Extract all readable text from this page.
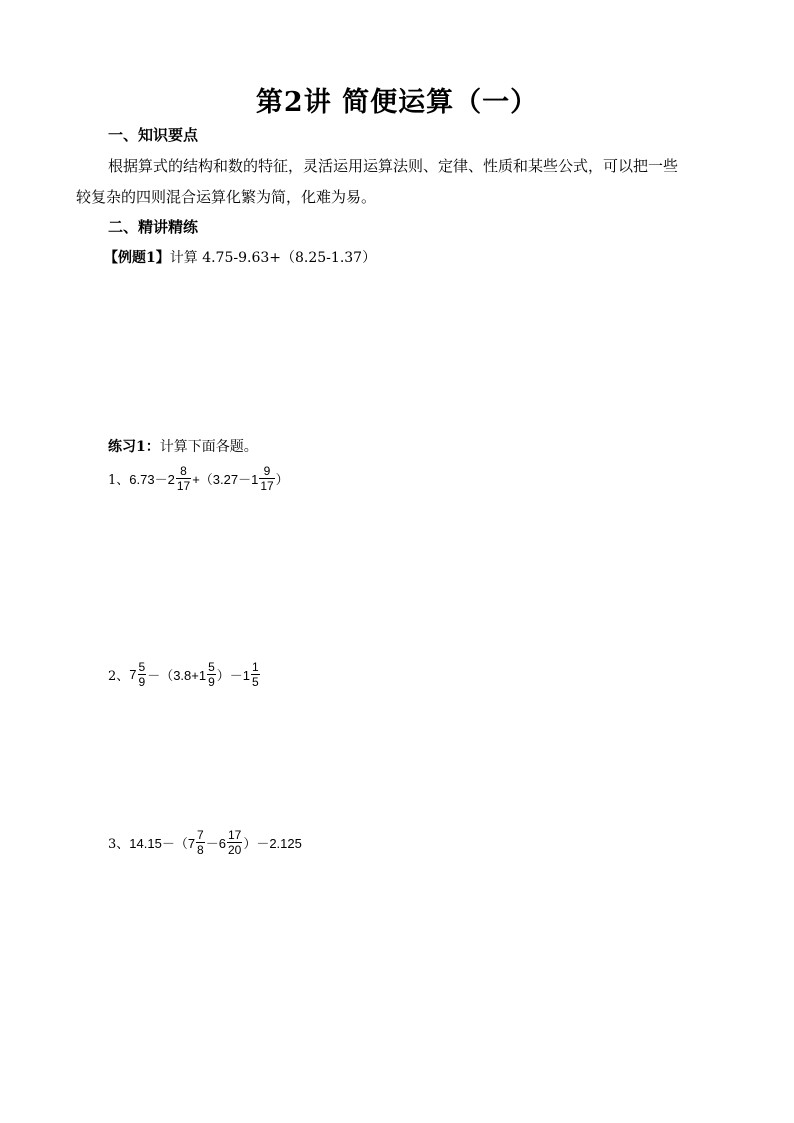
第2讲 简便运算（一）
一、知识要点
根据算式的结构和数的特征，灵活运用运算法则、定律、性质和某些公式，可以把一些
较复杂的四则混合运算化繁为简，化难为易。
二、精讲精练
【例题1】计算 4.75-9.63+（8.25-1.37）
练习1：计算下面各题。
1、 $6.73-2 \frac{8}{17} +(3.27-1 \frac{9}{17}$ ）
2、 $7 \frac{5}{9} -(3.8+1 \frac{5}{9} )-1 \frac{1}{5}$
3、 $14.15-(7 \frac{7}{8} -6 \frac{17}{20} )-2.125$
